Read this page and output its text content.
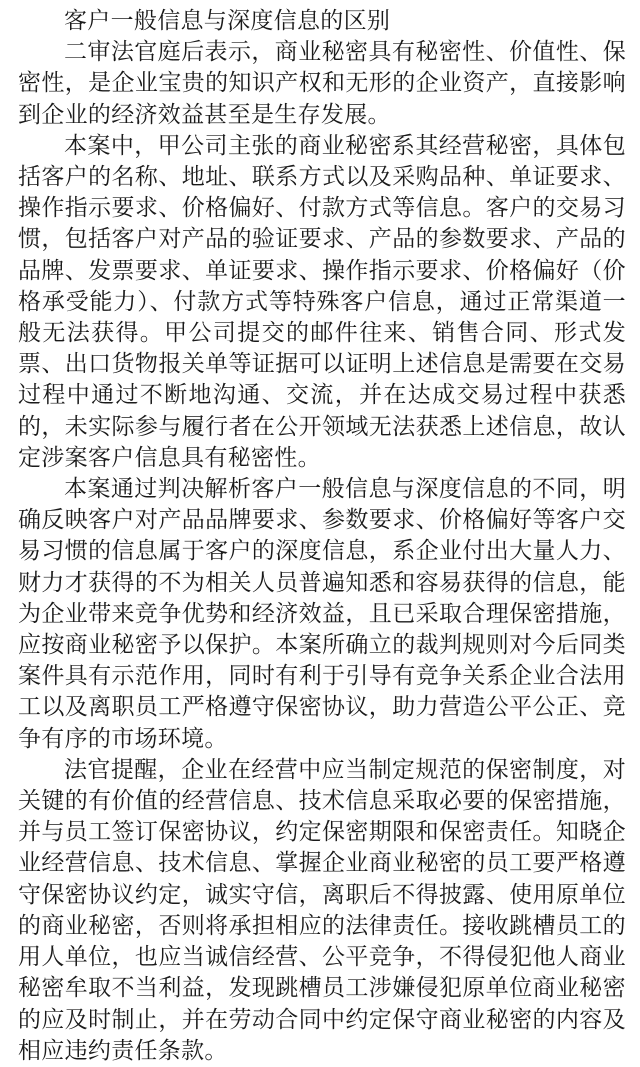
客户一般信息与深度信息的区别

二审法官庭后表示，商业秘密具有秘密性、价值性、保密性，是企业宝贵的知识产权和无形的企业资产，直接影响到企业的经济效益甚至是生存发展。

本案中，甲公司主张的商业秘密系其经营秘密，具体包括客户的名称、地址、联系方式以及采购品种、单证要求、操作指示要求、价格偏好、付款方式等信息。客户的交易习惯，包括客户对产品的验证要求、产品的参数要求、产品的品牌、发票要求、单证要求、操作指示要求、价格偏好（价格承受能力）、付款方式等特殊客户信息，通过正常渠道一般无法获得。甲公司提交的邮件往来、销售合同、形式发票、出口货物报关单等证据可以证明上述信息是需要在交易过程中通过不断地沟通、交流，并在达成交易过程中获悉的，未实际参与履行者在公开领域无法获悉上述信息，故认定涉案客户信息具有秘密性。

本案通过判决解析客户一般信息与深度信息的不同，明确反映客户对产品品牌要求、参数要求、价格偏好等客户交易习惯的信息属于客户的深度信息，系企业付出大量人力、财力才获得的不为相关人员普遍知悉和容易获得的信息，能为企业带来竞争优势和经济效益，且已采取合理保密措施，应按商业秘密予以保护。本案所确立的裁判规则对今后同类案件具有示范作用，同时有利于引导有竞争关系企业合法用工以及离职员工严格遵守保密协议，助力营造公平公正、竞争有序的市场环境。

法官提醒，企业在经营中应当制定规范的保密制度，对关键的有价值的经营信息、技术信息采取必要的保密措施，并与员工签订保密协议，约定保密期限和保密责任。知晓企业经营信息、技术信息、掌握企业商业秘密的员工要严格遵守保密协议约定，诚实守信，离职后不得披露、使用原单位的商业秘密，否则将承担相应的法律责任。接收跳槽员工的用人单位，也应当诚信经营、公平竞争，不得侵犯他人商业秘密牟取不当利益，发现跳槽员工涉嫌侵犯原单位商业秘密的应及时制止，并在劳动合同中约定保守商业秘密的内容及相应违约责任条款。
